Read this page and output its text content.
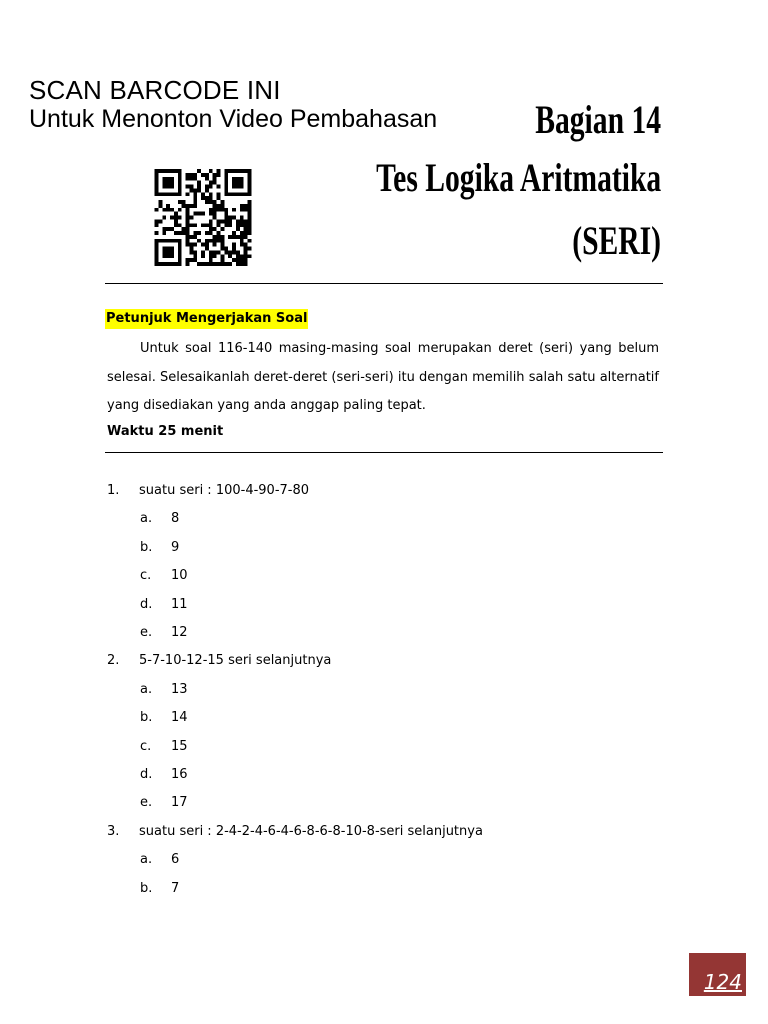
SCAN BARCODE INI
Untuk Menonton Video Pembahasan Bagian 14
Tes Logika Aritmatika
(SERI)
Petunjuk Mengerjakan Soal
Untuk soal 116-140 masing-masing soal merupakan deret (seri) yang belum selesai. Selesaikanlah deret-deret (seri-seri) itu dengan memilih salah satu alternatif yang disediakan yang anda anggap paling tepat.
Waktu 25 menit
1. suatu seri : 100-4-90-7-80
a. 8
b. 9
c. 10
d. 11
e. 12
2. 5-7-10-12-15 seri selanjutnya
a. 13
b. 14
c. 15
d. 16
e. 17
3. suatu seri : 2-4-2-4-6-4-6-8-6-8-10-8-seri selanjutnya
a. 6
b. 7
124
